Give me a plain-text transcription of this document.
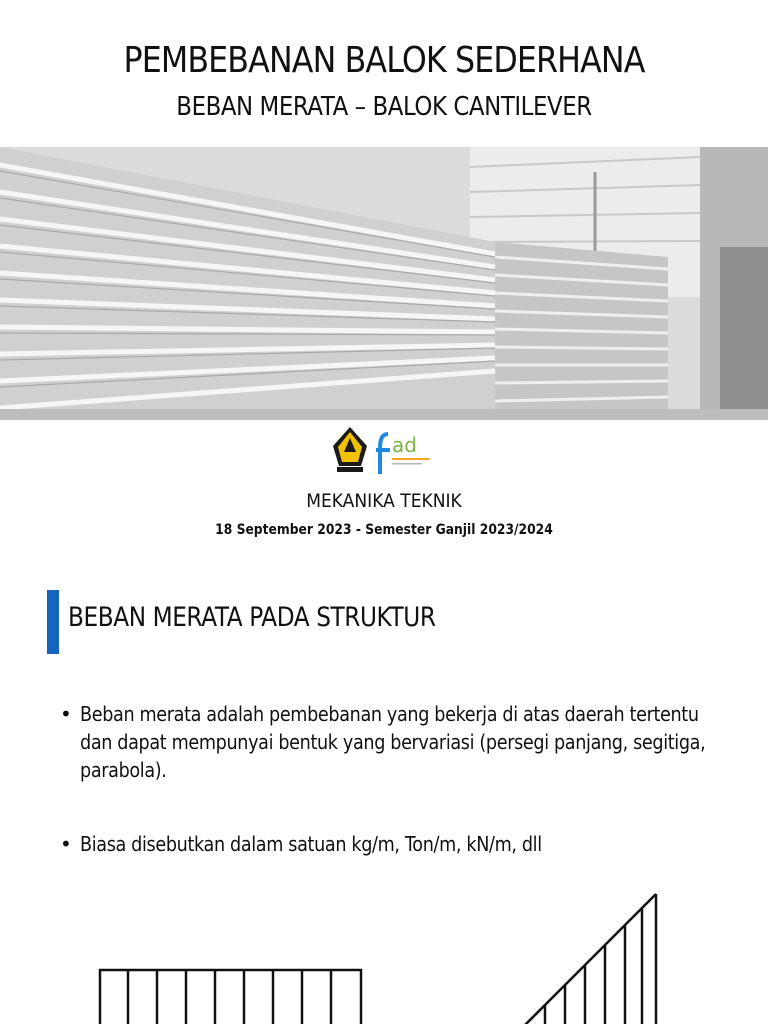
PEMBEBANAN BALOK SEDERHANA
BEBAN MERATA – BALOK CANTILEVER
ad
MEKANIKA TEKNIK
18 September 2023 - Semester Ganjil 2023/2024
BEBAN MERATA PADA STRUKTUR
• Beban merata adalah pembebanan yang bekerja di atas daerah tertentu dan dapat mempunyai bentuk yang bervariasi (persegi panjang, segitiga, parabola).
• Biasa disebutkan dalam satuan kg/m, Ton/m, kN/m, dll
